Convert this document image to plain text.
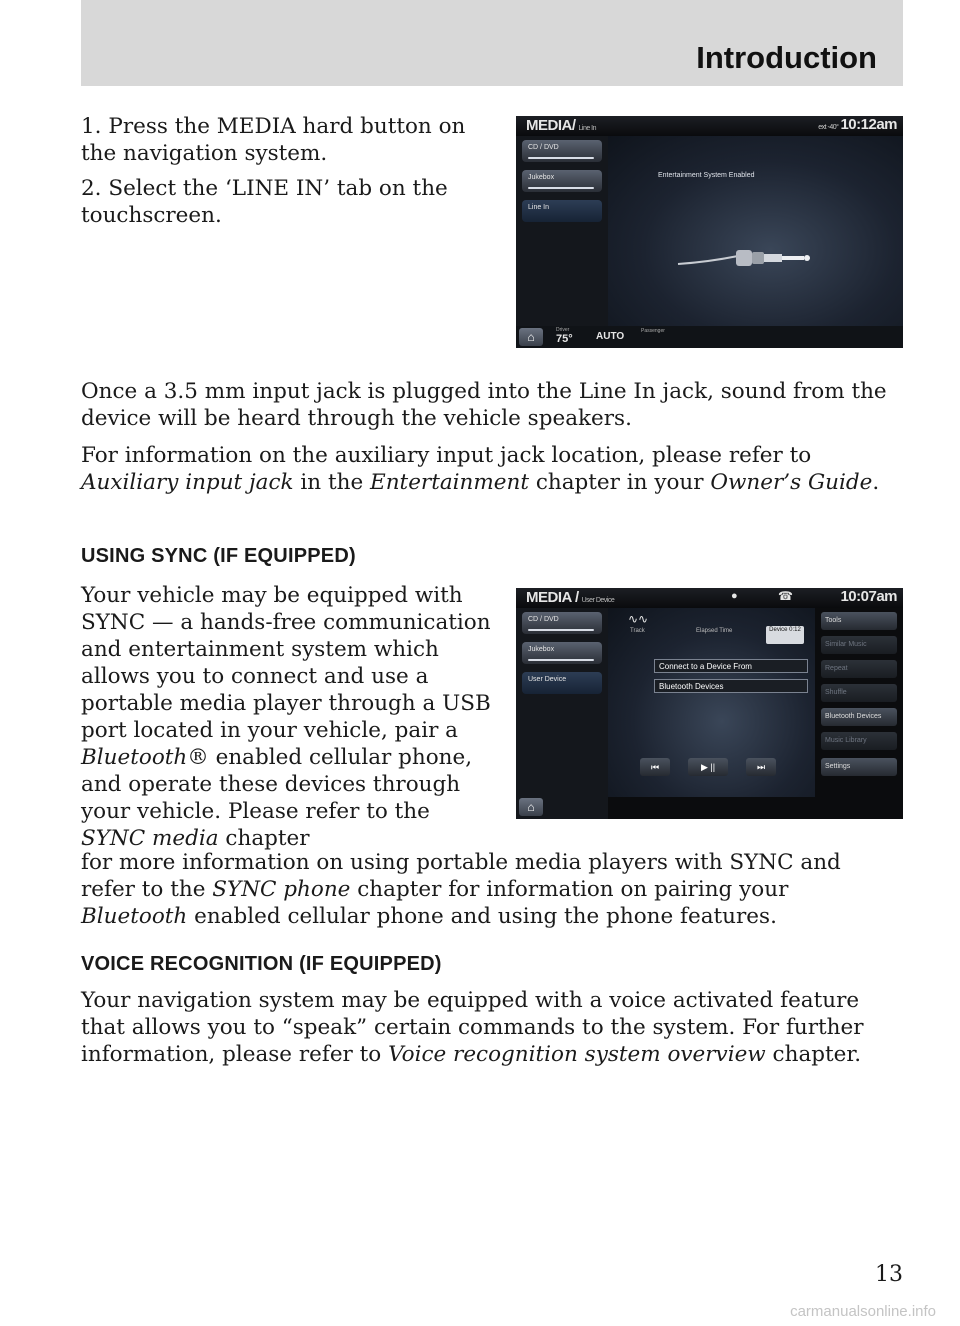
Introduction

1. Press the MEDIA hard button on the navigation system.

2. Select the ‘LINE IN’ tab on the touchscreen.

MEDIA/ Line In	ext -40° 10:12am
CD / DVD
Jukebox
Line In
Entertainment System Enabled
⌂	Driver
75° AUTO	Passenger

Once a 3.5 mm input jack is plugged into the Line In jack, sound from the device will be heard through the vehicle speakers.

For information on the auxiliary input jack location, please refer to Auxiliary input jack in the Entertainment chapter in your Owner’s Guide.

USING SYNC (IF EQUIPPED)

Your vehicle may be equipped with SYNC — a hands-free communication and entertainment system which allows you to connect and use a portable media player through a USB port located in your vehicle, pair a Bluetooth® enabled cellular phone, and operate these devices through your vehicle. Please refer to the SYNC media chapter

for more information on using portable media players with SYNC and
refer to the SYNC phone chapter for information on pairing your
Bluetooth enabled cellular phone and using the phone features.

MEDIA / User Device	●	☎	10:07am
CD / DVD
Jukebox
User Device
∿∿
Track	Elapsed Time	Device 0:12
Connect to a Device From
Bluetooth Devices
Tools
Similar Music
Repeat
Shuffle
Bluetooth Devices
Music Library
Settings
⏮	▶ ||	⏭
⌂
VOICE RECOGNITION (IF EQUIPPED)

Your navigation system may be equipped with a voice activated feature that allows you to “speak” certain commands to the system. For further information, please refer to Voice recognition system overview chapter.

13

carmanualsonline.info
